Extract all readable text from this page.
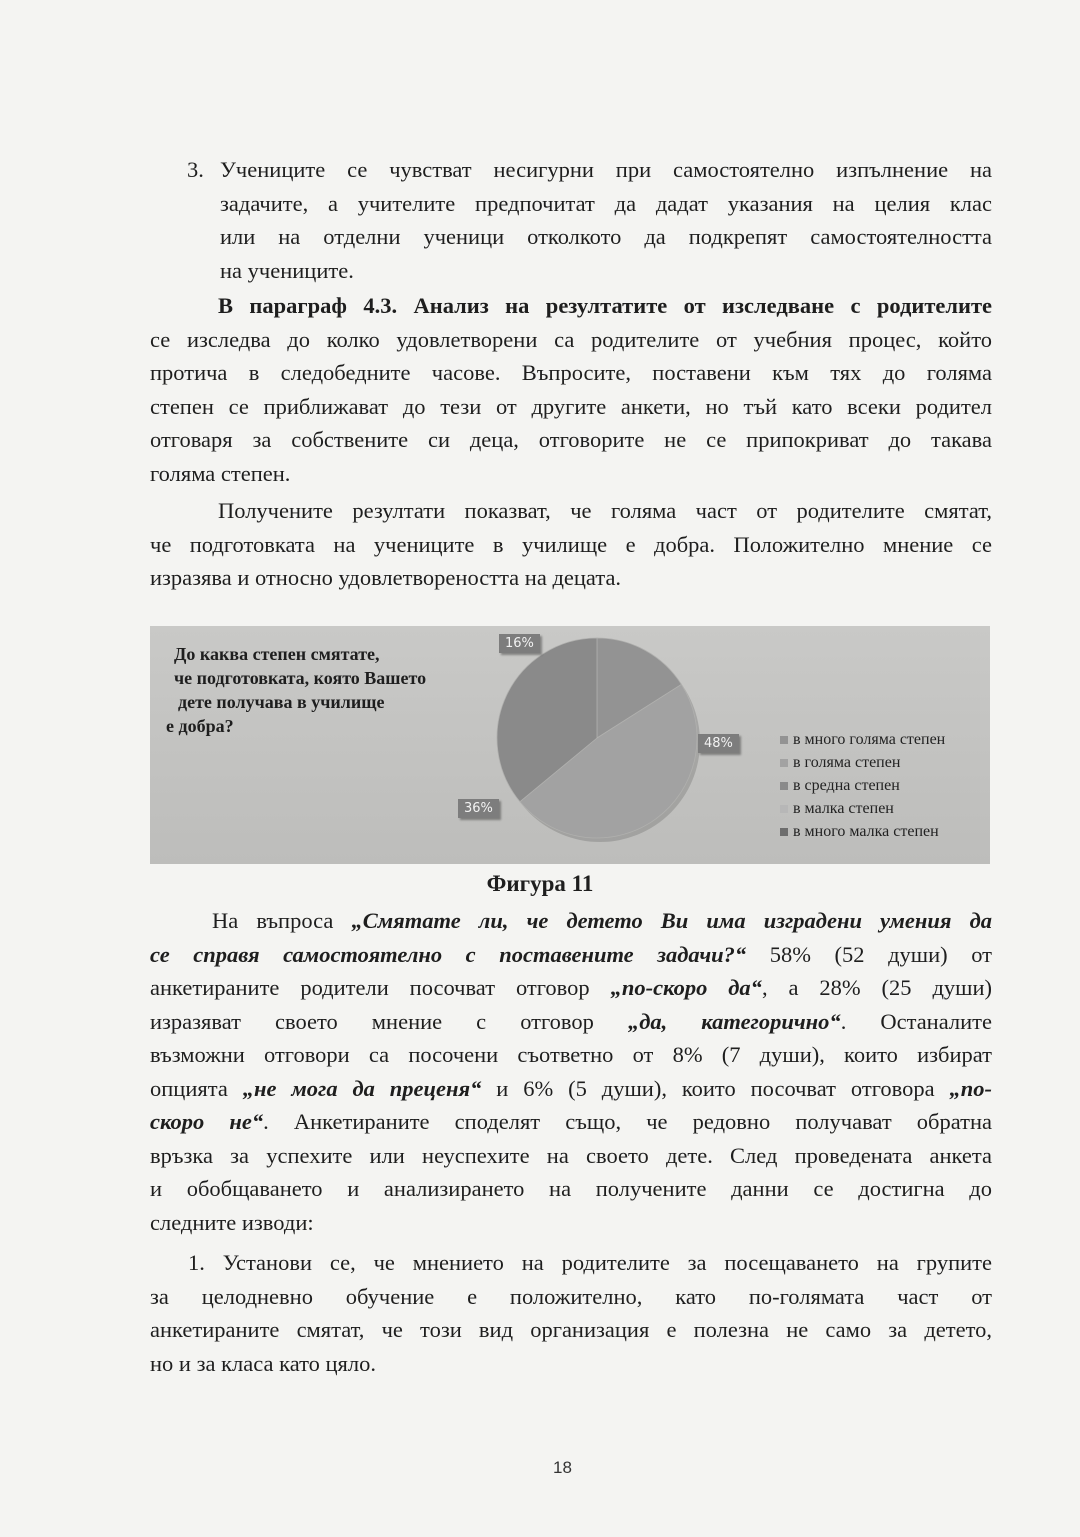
3. Учениците се чувстват несигурни при самостоятелно изпълнение на
задачите, а учителите предпочитат да дадат указания на целия клас
или на отделни ученици отколкото да подкрепят самостоятелността
на учениците.
В параграф 4.3. Анализ на резултатите от изследване с родителите
се изследва до колко удовлетворени са родителите от учебния процес, който
протича в следобедните часове. Въпросите, поставени към тях до голяма
степен се приближават до тези от другите анкети, но тъй като всеки родител
отговаря за собствените си деца, отговорите не се припокриват до такава
голяма степен.
Получените резултати показват, че голяма част от родителите смятат,
че подготовката на учениците в училище е добра. Положително мнение се
изразява и относно удовлетвореността на децата.
До каква степен смятате,
че подготовката, която Вашето
дете получава в училище
е добра?
16%
48%
36%
в много голяма степен
в голяма степен
в средна степен
в малка степен
в много малка степен
Фигура 11
На въпроса „Смятате ли, че детето Ви има изградени умения да
се справя самостоятелно с поставените задачи?“ 58% (52 души) от
анкетираните родители посочват отговор „по-скоро да“, а 28% (25 души)
изразяват своето мнение с отговор „да, категорично“. Останалите
възможни отговори са посочени съответно от 8% (7 души), които избират
опцията „не мога да преценя“ и 6% (5 души), които посочват отговора „по-
скоро не“. Анкетираните споделят също, че редовно получават обратна
връзка за успехите или неуспехите на своето дете. След проведената анкета
и обобщаването и анализирането на получените данни се достигна до
следните изводи:
1. Установи се, че мнението на родителите за посещаването на групите
за целодневно обучение е положително, като по-голямата част от
анкетираните смятат, че този вид организация е полезна не само за детето,
но и за класа като цяло.
18
